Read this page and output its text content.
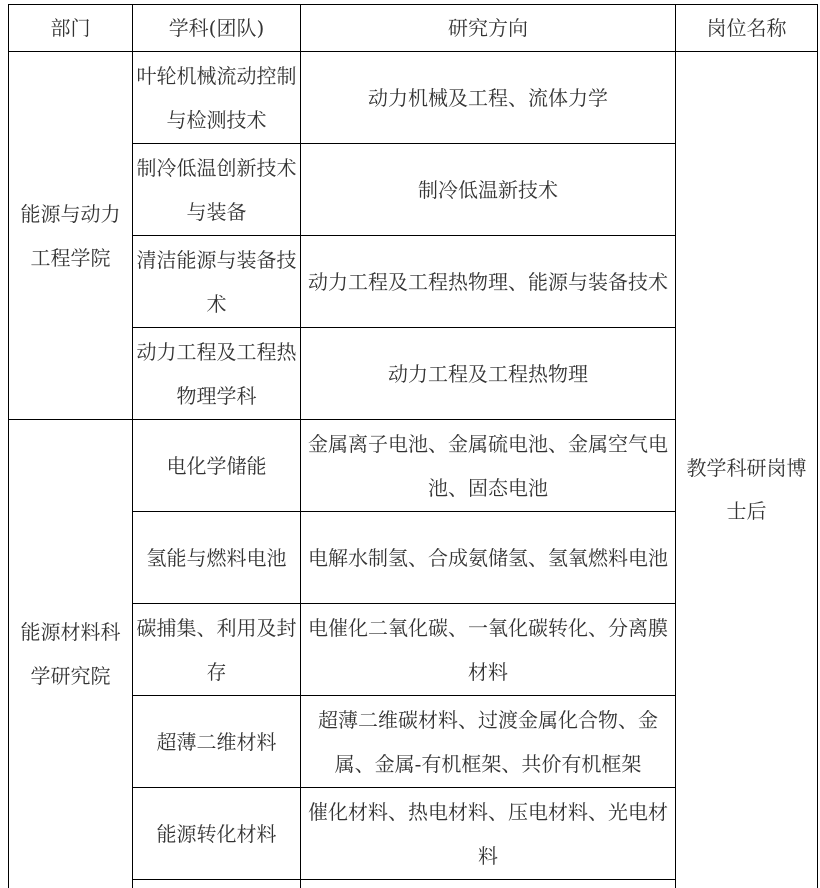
部门	学科(团队)	研究方向	岗位名称
能源与动力工程学院	叶轮机械流动控制与检测技术	动力机械及工程、流体力学	教学科研岗博士后

	制冷低温创新技术与装备	制冷低温新技术	
	清洁能源与装备技术	动力工程及工程热物理、能源与装备技术	
	动力工程及工程热物理学科	动力工程及工程热物理	
能源材料科学研究院	电化学储能	金属离子电池、金属硫电池、金属空气电池、固态电池	
	氢能与燃料电池	电解水制氢、合成氨储氢、氢氧燃料电池	
	碳捕集、利用及封存	电催化二氧化碳、一氧化碳转化、分离膜材料	
	超薄二维材料	超薄二维碳材料、过渡金属化合物、金属、金属-有机框架、共价有机框架	
	能源转化材料	催化材料、热电材料、压电材料、光电材料	
